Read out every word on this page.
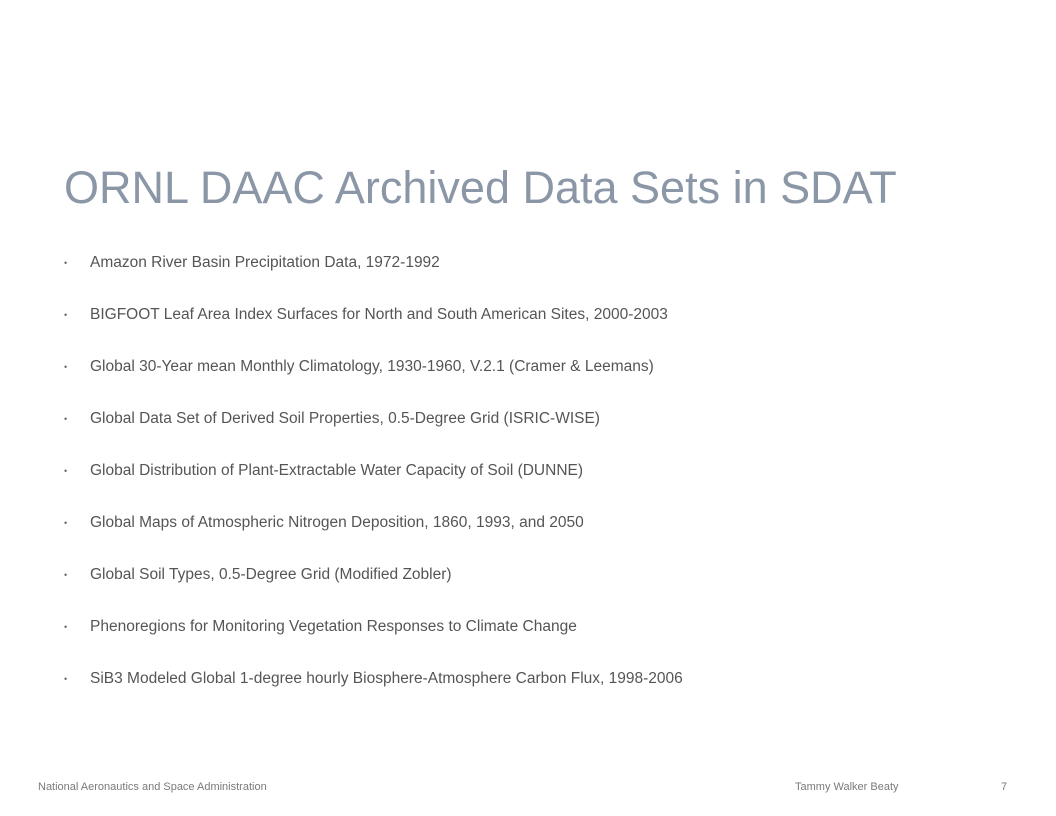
ORNL DAAC Archived Data Sets in SDAT
•	Amazon River Basin Precipitation Data, 1972-1992
•	BIGFOOT Leaf Area Index Surfaces for North and South American Sites, 2000-2003
•	Global 30-Year mean Monthly Climatology, 1930-1960, V.2.1 (Cramer & Leemans)
•	Global Data Set of Derived Soil Properties, 0.5-Degree Grid (ISRIC-WISE)
•	Global Distribution of Plant-Extractable Water Capacity of Soil (DUNNE)
•	Global Maps of Atmospheric Nitrogen Deposition, 1860, 1993, and 2050
•	Global Soil Types, 0.5-Degree Grid (Modified Zobler)
•	Phenoregions for Monitoring Vegetation Responses to Climate Change
•	SiB3 Modeled Global 1-degree hourly Biosphere-Atmosphere Carbon Flux, 1998-2006
National Aeronautics and Space Administration	Tammy Walker Beaty	7
